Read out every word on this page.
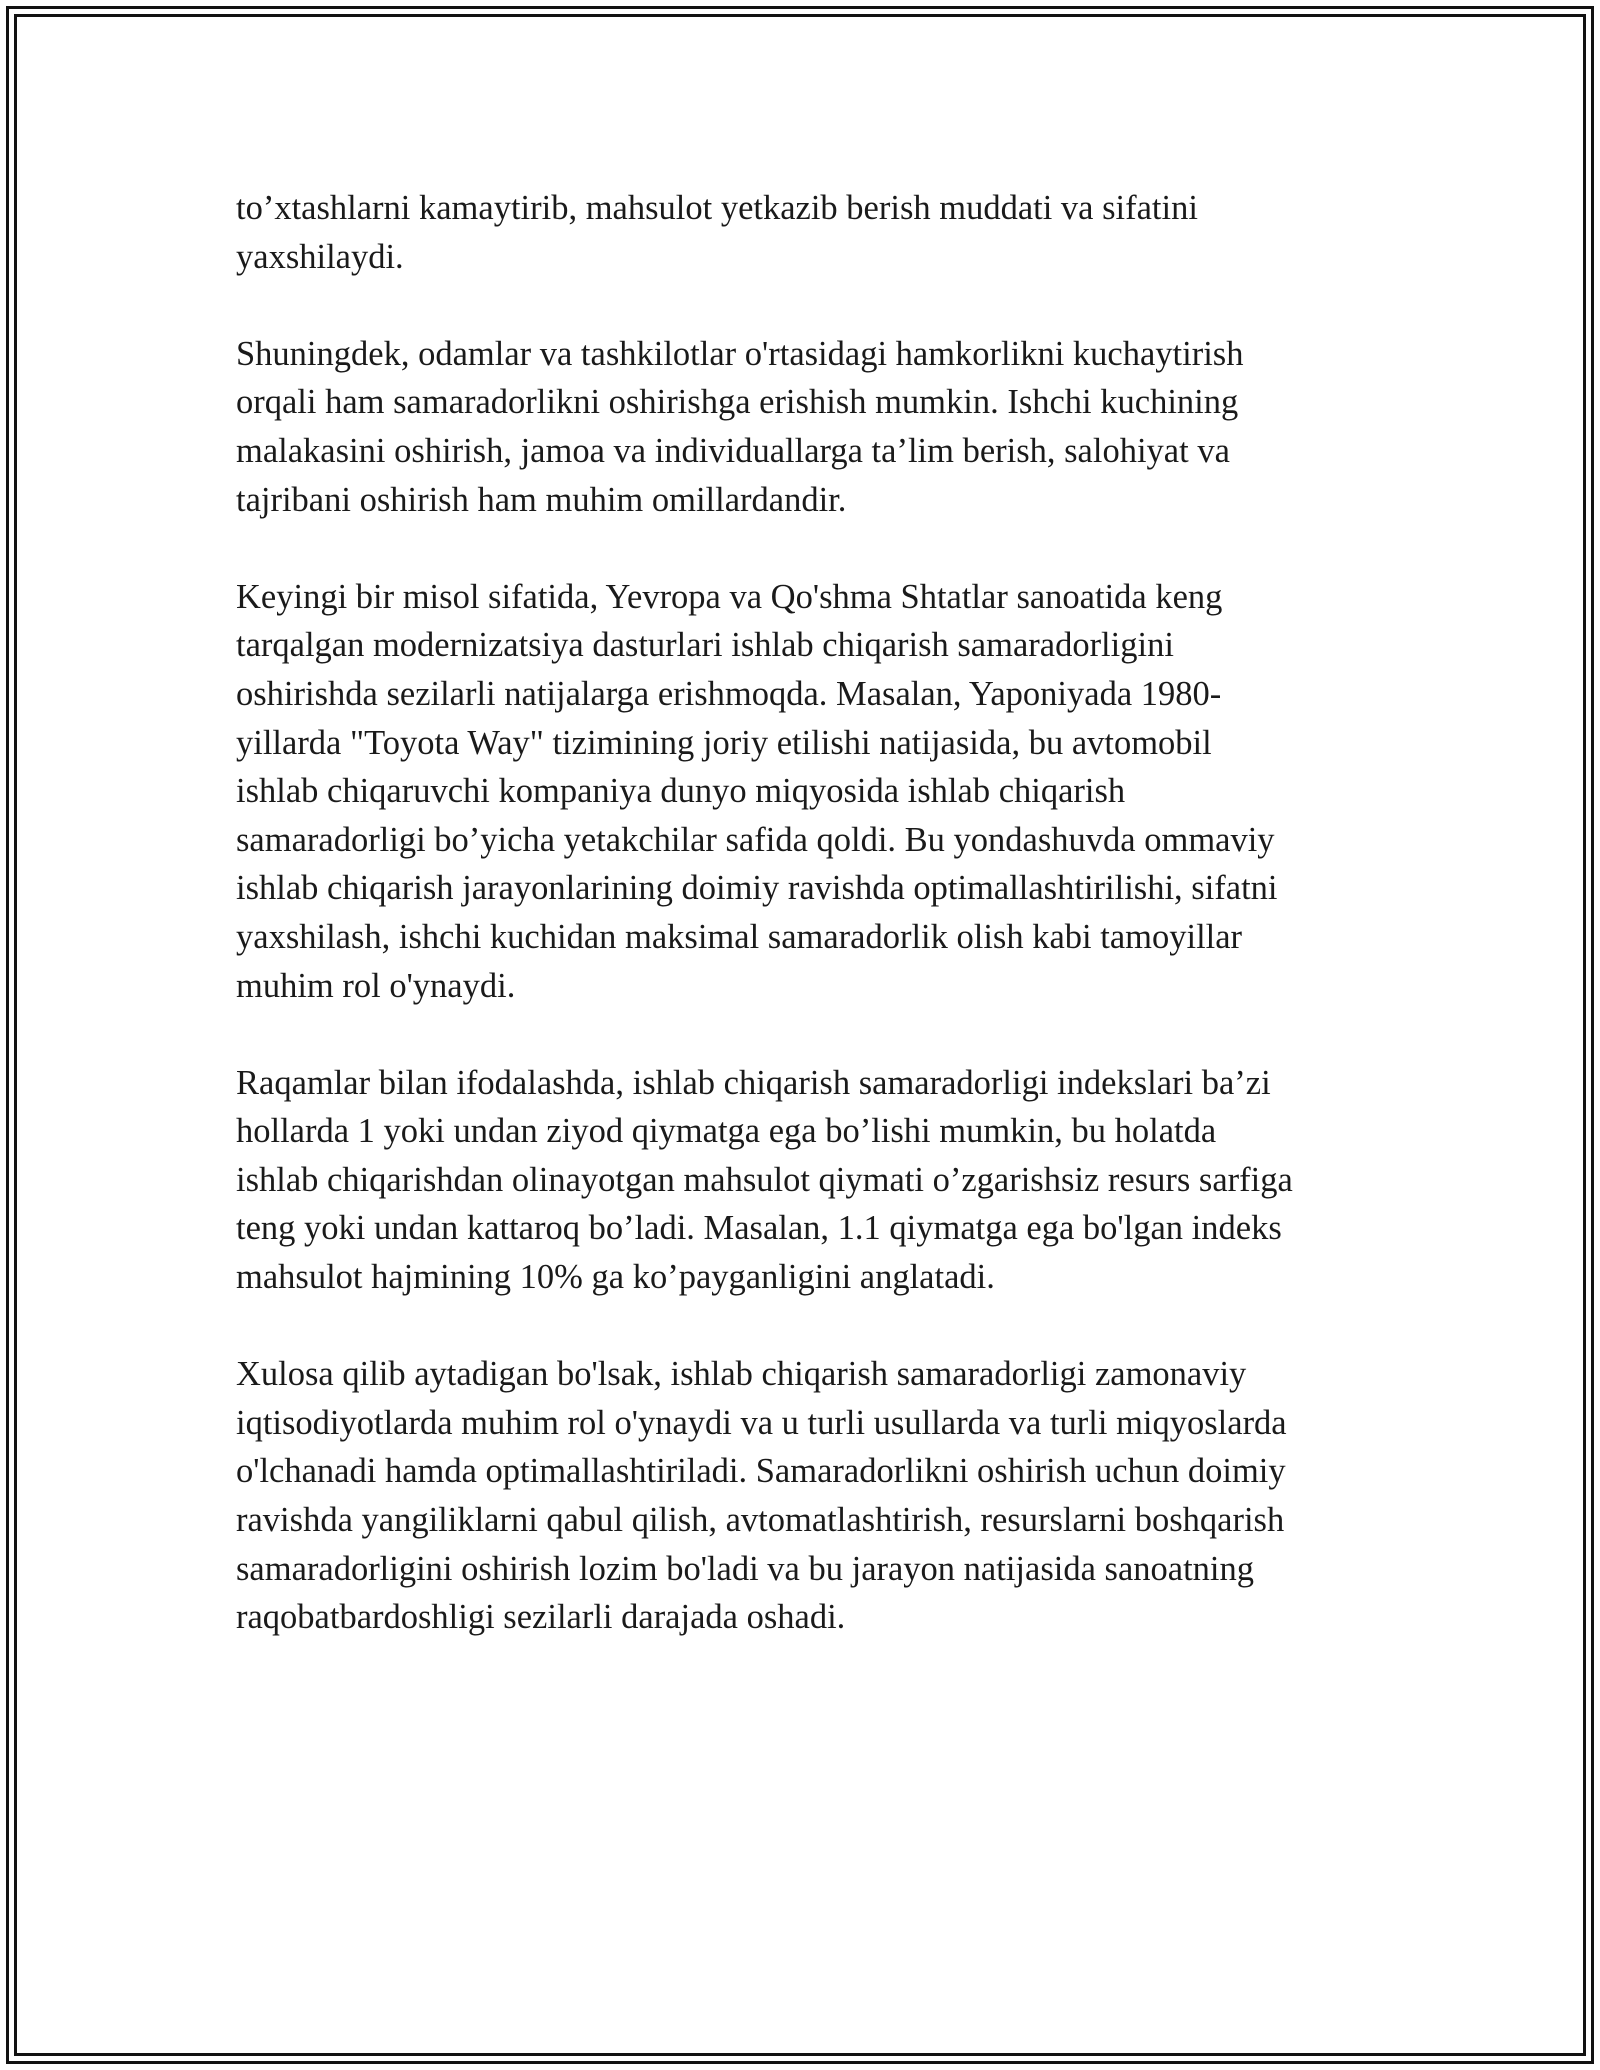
to’xtashlarni kamaytirib, mahsulot yetkazib berish muddati va sifatini
yaxshilaydi.

Shuningdek, odamlar va tashkilotlar o'rtasidagi hamkorlikni kuchaytirish
orqali ham samaradorlikni oshirishga erishish mumkin. Ishchi kuchining
malakasini oshirish, jamoa va individuallarga ta’lim berish, salohiyat va
tajribani oshirish ham muhim omillardandir.

Keyingi bir misol sifatida, Yevropa va Qo'shma Shtatlar sanoatida keng
tarqalgan modernizatsiya dasturlari ishlab chiqarish samaradorligini
oshirishda sezilarli natijalarga erishmoqda. Masalan, Yaponiyada 1980-
yillarda "Toyota Way" tizimining joriy etilishi natijasida, bu avtomobil
ishlab chiqaruvchi kompaniya dunyo miqyosida ishlab chiqarish
samaradorligi bo’yicha yetakchilar safida qoldi. Bu yondashuvda ommaviy
ishlab chiqarish jarayonlarining doimiy ravishda optimallashtirilishi, sifatni
yaxshilash, ishchi kuchidan maksimal samaradorlik olish kabi tamoyillar
muhim rol o'ynaydi.

Raqamlar bilan ifodalashda, ishlab chiqarish samaradorligi indekslari ba’zi
hollarda 1 yoki undan ziyod qiymatga ega bo’lishi mumkin, bu holatda
ishlab chiqarishdan olinayotgan mahsulot qiymati o’zgarishsiz resurs sarfiga
teng yoki undan kattaroq bo’ladi. Masalan, 1.1 qiymatga ega bo'lgan indeks
mahsulot hajmining 10% ga ko’payganligini anglatadi.

Xulosa qilib aytadigan bo'lsak, ishlab chiqarish samaradorligi zamonaviy
iqtisodiyotlarda muhim rol o'ynaydi va u turli usullarda va turli miqyoslarda
o'lchanadi hamda optimallashtiriladi. Samaradorlikni oshirish uchun doimiy
ravishda yangiliklarni qabul qilish, avtomatlashtirish, resurslarni boshqarish
samaradorligini oshirish lozim bo'ladi va bu jarayon natijasida sanoatning
raqobatbardoshligi sezilarli darajada oshadi.
